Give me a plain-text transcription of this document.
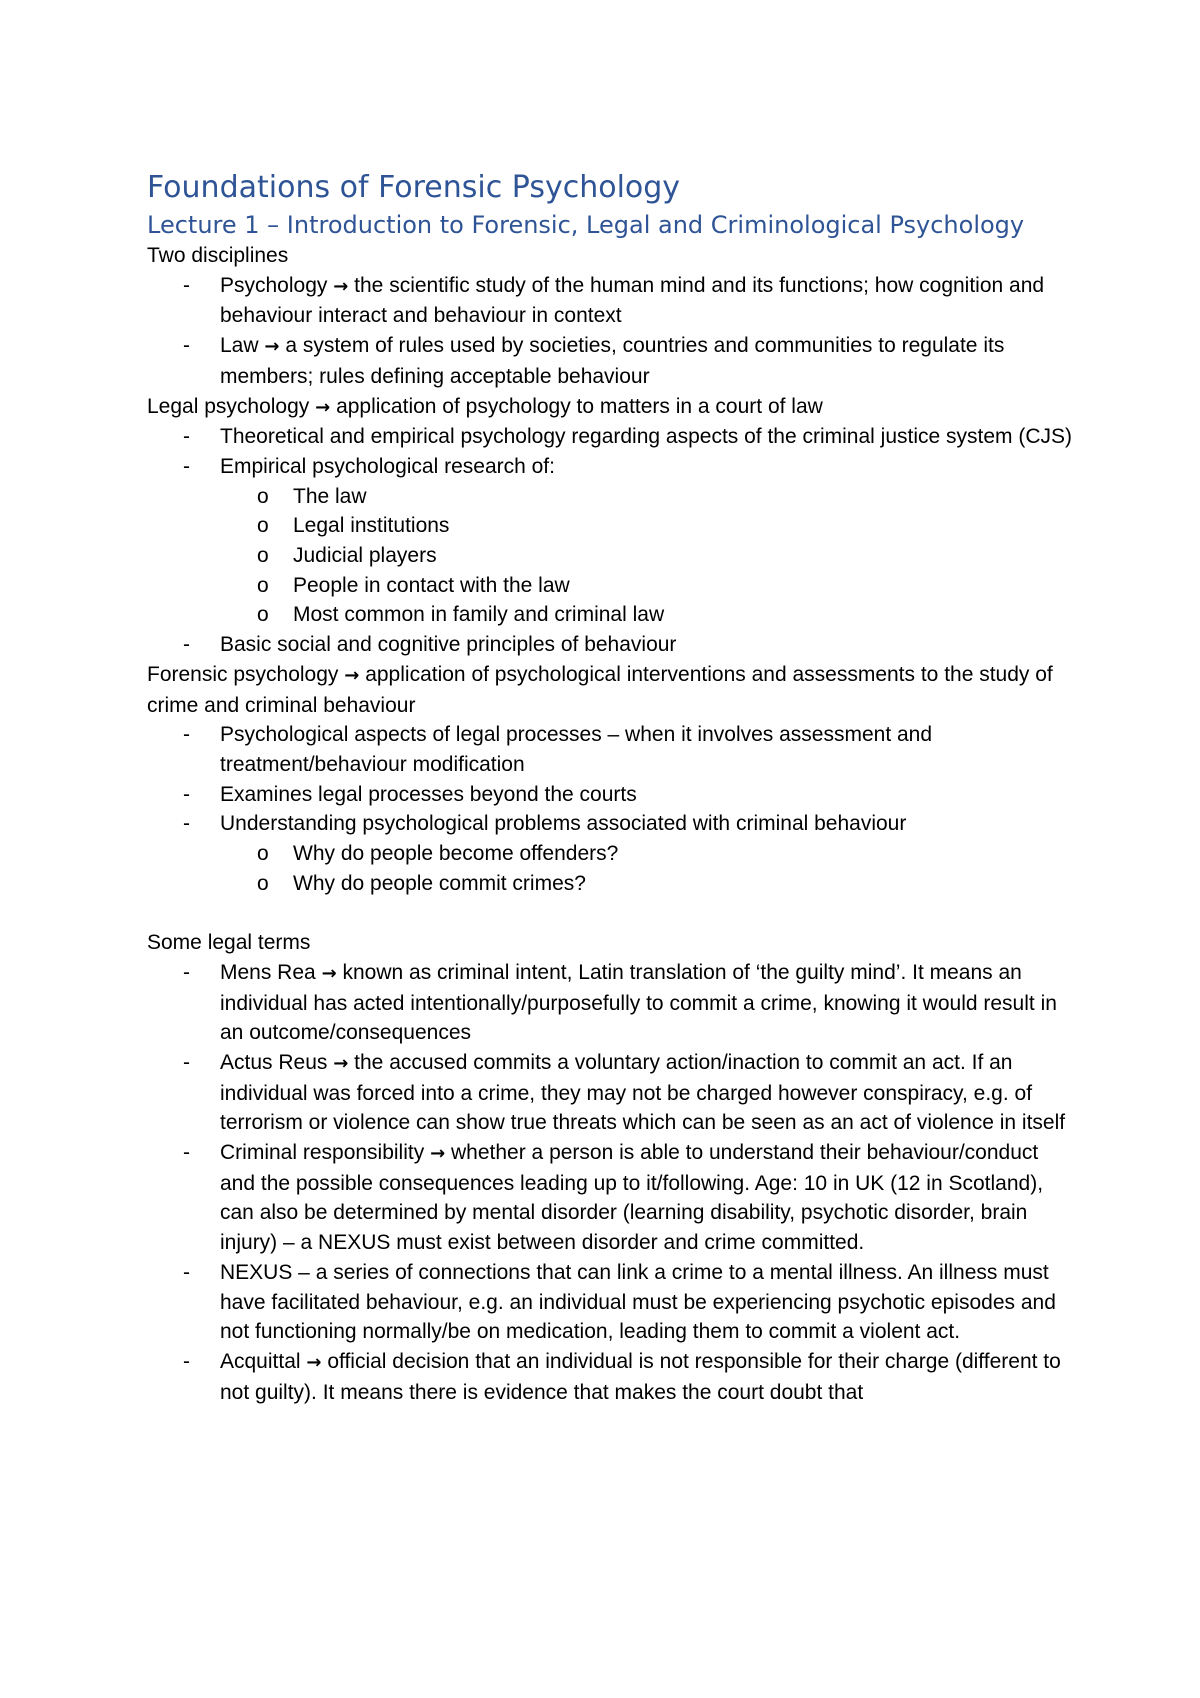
Foundations of Forensic Psychology
Lecture 1 – Introduction to Forensic, Legal and Criminological Psychology

Two disciplines

- Psychology → the scientific study of the human mind and its functions; how cognition and behaviour interact and behaviour in context
- Law → a system of rules used by societies, countries and communities to regulate its members; rules defining acceptable behaviour

Legal psychology → application of psychology to matters in a court of law

- Theoretical and empirical psychology regarding aspects of the criminal justice system (CJS)
- Empirical psychological research of:
o The law
o Legal institutions
o Judicial players
o People in contact with the law
o Most common in family and criminal law
- Basic social and cognitive principles of behaviour

Forensic psychology → application of psychological interventions and assessments to the study of crime and criminal behaviour

- Psychological aspects of legal processes – when it involves assessment and treatment/behaviour modification
- Examines legal processes beyond the courts
- Understanding psychological problems associated with criminal behaviour
o Why do people become offenders?
o Why do people commit crimes?

Some legal terms

- Mens Rea → known as criminal intent, Latin translation of ‘the guilty mind’. It means an individual has acted intentionally/purposefully to commit a crime, knowing it would result in an outcome/consequences
- Actus Reus → the accused commits a voluntary action/inaction to commit an act. If an individual was forced into a crime, they may not be charged however conspiracy, e.g. of terrorism or violence can show true threats which can be seen as an act of violence in itself
- Criminal responsibility → whether a person is able to understand their behaviour/conduct and the possible consequences leading up to it/following. Age: 10 in UK (12 in Scotland), can also be determined by mental disorder (learning disability, psychotic disorder, brain injury) – a NEXUS must exist between disorder and crime committed.
- NEXUS – a series of connections that can link a crime to a mental illness. An illness must have facilitated behaviour, e.g. an individual must be experiencing psychotic episodes and not functioning normally/be on medication, leading them to commit a violent act.
- Acquittal → official decision that an individual is not responsible for their charge (different to not guilty). It means there is evidence that makes the court doubt that
